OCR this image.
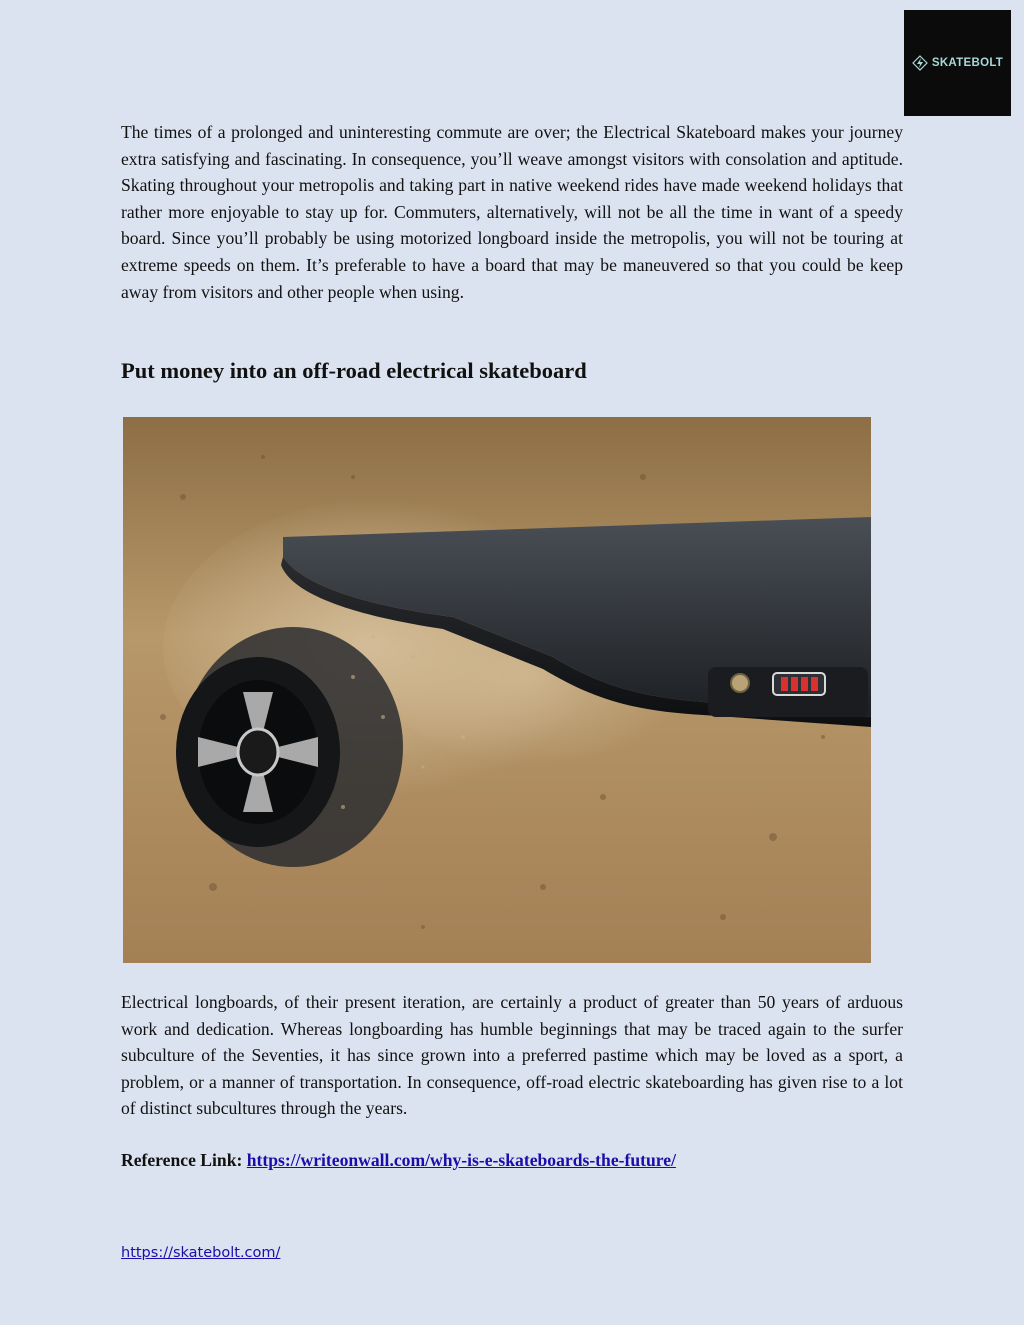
SKATEBOLT

The times of a prolonged and uninteresting commute are over; the Electrical Skateboard makes your journey extra satisfying and fascinating. In consequence, you’ll weave amongst visitors with consolation and aptitude. Skating throughout your metropolis and taking part in native weekend rides have made weekend holidays that rather more enjoyable to stay up for. Commuters, alternatively, will not be all the time in want of a speedy board. Since you’ll probably be using motorized longboard inside the metropolis, you will not be touring at extreme speeds on them. It’s preferable to have a board that may be maneuvered so that you could be keep away from visitors and other people when using.

Put money into an off-road electrical skateboard

Electrical longboards, of their present iteration, are certainly a product of greater than 50 years of arduous work and dedication. Whereas longboarding has humble beginnings that may be traced again to the surfer subculture of the Seventies, it has since grown into a preferred pastime which may be loved as a sport, a problem, or a manner of transportation. In consequence, off-road electric skateboarding has given rise to a lot of distinct subcultures through the years.

Reference Link: https://writeonwall.com/why-is-e-skateboards-the-future/

https://skatebolt.com/
